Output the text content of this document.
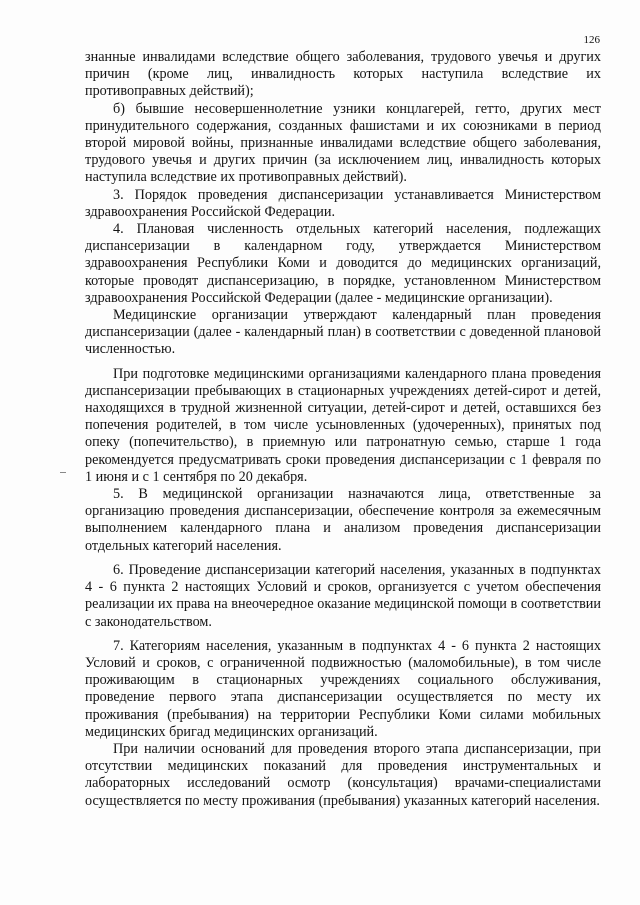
126

знанные инвалидами вследствие общего заболевания, трудового увечья и других причин (кроме лиц, инвалидность которых наступила вследствие их противоправных действий);

б) бывшие несовершеннолетние узники концлагерей, гетто, других мест принудительного содержания, созданных фашистами и их союзниками в период второй мировой войны, признанные инвалидами вследствие общего заболевания, трудового увечья и других причин (за исключением лиц, инвалидность которых наступила вследствие их противоправных действий).

3. Порядок проведения диспансеризации устанавливается Министерством здравоохранения Российской Федерации.

4. Плановая численность отдельных категорий населения, подлежащих диспансеризации в календарном году, утверждается Министерством здравоохранения Республики Коми и доводится до медицинских организаций, которые проводят диспансеризацию, в порядке, установленном Министерством здравоохранения Российской Федерации (далее - медицинские организации).

Медицинские организации утверждают календарный план проведения диспансеризации (далее - календарный план) в соответствии с доведенной плановой численностью.

При подготовке медицинскими организациями календарного плана проведения диспансеризации пребывающих в стационарных учреждениях детей-сирот и детей, находящихся в трудной жизненной ситуации, детей-сирот и детей, оставшихся без попечения родителей, в том числе усыновленных (удочеренных), принятых под опеку (попечительство), в приемную или патронатную семью, старше 1 года рекомендуется предусматривать сроки проведения диспансеризации с 1 февраля по 1 июня и с 1 сентября по 20 декабря.

5. В медицинской организации назначаются лица, ответственные за организацию проведения диспансеризации, обеспечение контроля за ежемесячным выполнением календарного плана и анализом проведения диспансеризации отдельных категорий населения.

6. Проведение диспансеризации категорий населения, указанных в подпунктах 4 - 6 пункта 2 настоящих Условий и сроков, организуется с учетом обеспечения реализации их права на внеочередное оказание медицинской помощи в соответствии с законодательством.

7. Категориям населения, указанным в подпунктах 4 - 6 пункта 2 настоящих Условий и сроков, с ограниченной подвижностью (маломобильные), в том числе проживающим в стационарных учреждениях социального обслуживания, проведение первого этапа диспансеризации осуществляется по месту их проживания (пребывания) на территории Республики Коми силами мобильных медицинских бригад медицинских организаций.

При наличии оснований для проведения второго этапа диспансеризации, при отсутствии медицинских показаний для проведения инструментальных и лабораторных исследований осмотр (консультация) врачами-специалистами осуществляется по месту проживания (пребывания) указанных категорий населения.
